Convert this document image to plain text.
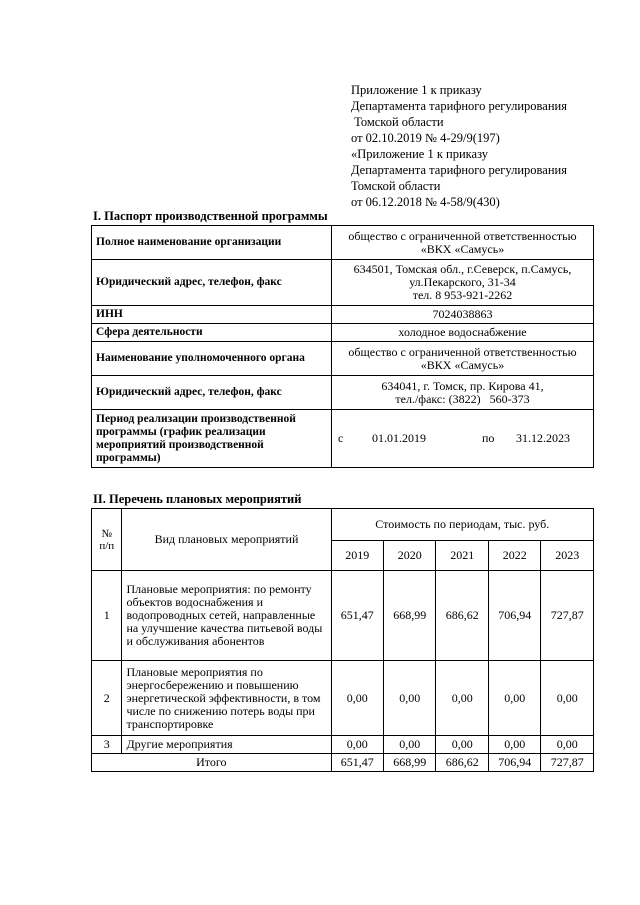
Приложение 1 к приказу
Департамента тарифного регулирования
Томской области
от 02.10.2019 № 4-29/9(197)
«Приложение 1 к приказу
Департамента тарифного регулирования
Томской области
от 06.12.2018 № 4-58/9(430)
I. Паспорт производственной программы
Полное наименование организации	общество с ограниченной ответственностью
«ВКХ «Самусь»

Юридический адрес, телефон, факс	634501, Томская обл., г.Северск, п.Самусь,
ул.Пекарского, 31-34
тел. 8 953-921-2262

ИНН	7024038863

Сфера деятельности	холодное водоснабжение

Наименование уполномоченного органа	общество с ограниченной ответственностью
«ВКХ «Самусь»

Юридический адрес, телефон, факс	634041, г. Томск, пр. Кирова 41,
тел./факс: (3822)   560-373

Период реализации производственной программы (график реализации мероприятий производственной программы)	с 01.01.2019 по 31.12.2023
II. Перечень плановых мероприятий
№ п/п	Вид плановых мероприятий	Стоимость по периодам, тыс. руб.				
		2019	2020	2021	2022	2023
1	Плановые мероприятия: по ремонту объектов водоснабжения и водопроводных сетей, направленные на улучшение качества питьевой воды и обслуживания абонентов	651,47	668,99	686,62	706,94	727,87
2	Плановые мероприятия по энергосбережению и повышению энергетической эффективности, в том числе по снижению потерь воды при транспортировке	0,00	0,00	0,00	0,00	0,00
3	Другие мероприятия	0,00	0,00	0,00	0,00	0,00
Итого		651,47	668,99	686,62	706,94	727,87
